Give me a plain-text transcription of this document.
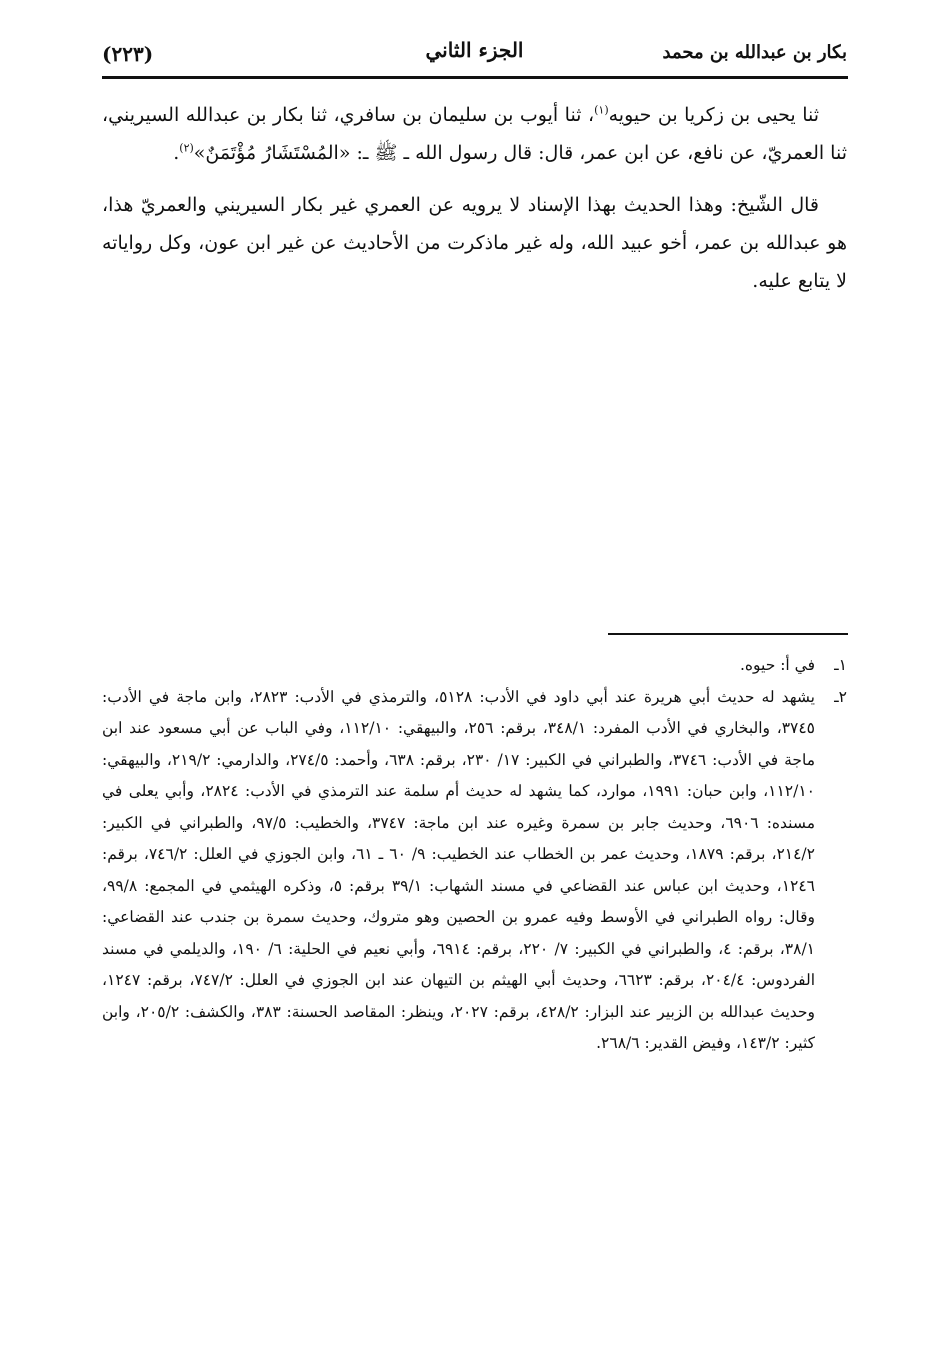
بكار بن عبدالله بن محمد
الجزء الثاني
(٢٢٣)

ثنا يحيى بن زكريا بن حيويه$^{(١)}$، ثنا أيوب بن سليمان بن سافري، ثنا بكار بن عبدالله السيريني، ثنا العمريّ، عن نافع، عن ابن عمر، قال: قال رسول الله ـ ﷺ ـ: «المُسْتَشَارُ مُؤْتَمَنٌ»$^{(٢)}$.

قال الشّيخ: وهذا الحديث بهذا الإسناد لا يرويه عن العمري غير بكار السيريني والعمريّ هذا، هو عبدالله بن عمر، أخو عبيد الله، وله غير ماذكرت من الأحاديث عن غير ابن عون، وكل رواياته لا يتابع عليه.

١ـ
في أ: حيوه.

٢ـ
يشهد له حديث أبي هريرة عند أبي داود في الأدب: ٥١٢٨، والترمذي في الأدب: ٢٨٢٣، وابن ماجة في الأدب: ٣٧٤٥، والبخاري في الأدب المفرد: ٣٤٨/١، برقم: ٢٥٦، والبيهقي: ١١٢/١٠، وفي الباب عن أبي مسعود عند ابن ماجة في الأدب: ٣٧٤٦، والطبراني في الكبير: ١٧/ ٢٣٠، برقم: ٦٣٨، وأحمد: ٢٧٤/٥، والدارمي: ٢١٩/٢، والبيهقي: ١١٢/١٠، وابن حبان: ١٩٩١، موارد، كما يشهد له حديث أم سلمة عند الترمذي في الأدب: ٢٨٢٤، وأبي يعلى في مسنده: ٦٩٠٦، وحديث جابر بن سمرة وغيره عند ابن ماجة: ٣٧٤٧، والخطيب: ٩٧/٥، والطبراني في الكبير: ٢١٤/٢، برقم: ١٨٧٩، وحديث عمر بن الخطاب عند الخطيب: ٩/ ٦٠ ـ ٦١، وابن الجوزي في العلل: ٧٤٦/٢، برقم: ١٢٤٦، وحديث ابن عباس عند القضاعي في مسند الشهاب: ٣٩/١ برقم: ٥، وذكره الهيثمي في المجمع: ٩٩/٨، وقال: رواه الطبراني في الأوسط وفيه عمرو بن الحصين وهو متروك، وحديث سمرة بن جندب عند القضاعي: ٣٨/١، برقم: ٤، والطبراني في الكبير: ٧/ ٢٢٠، برقم: ٦٩١٤، وأبي نعيم في الحلية: ٦/ ١٩٠، والديلمي في مسند الفردوس: ٢٠٤/٤، برقم: ٦٦٢٣، وحديث أبي الهيثم بن التيهان عند ابن الجوزي في العلل: ٧٤٧/٢، برقم: ١٢٤٧، وحديث عبدالله بن الزبير عند البزار: ٤٢٨/٢، برقم: ٢٠٢٧، وينظر: المقاصد الحسنة: ٣٨٣، والكشف: ٢٠٥/٢، وابن كثير: ١٤٣/٢، وفيض القدير: ٢٦٨/٦.
